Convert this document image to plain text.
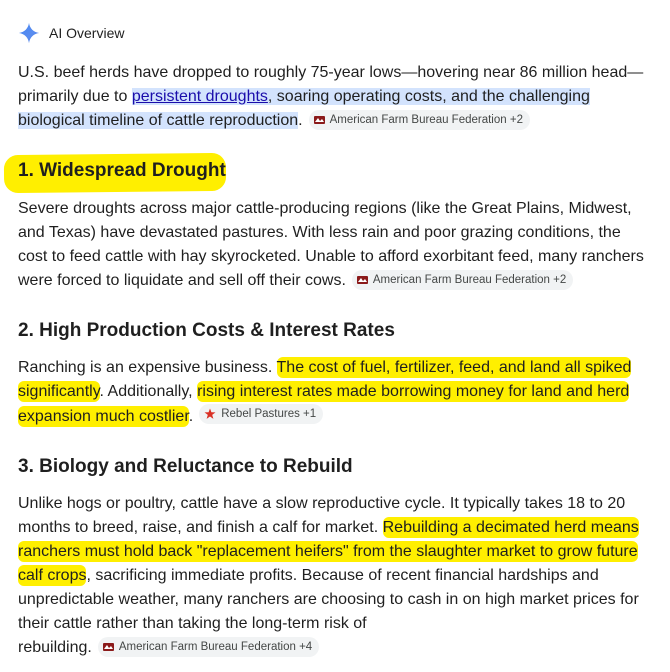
AI Overview
U.S. beef herds have dropped to roughly 75-year lows—hovering near 86 million head—primarily due to persistent droughts, soaring operating costs, and the challenging biological timeline of cattle reproduction. American Farm Bureau Federation +2
1. Widespread Drought
Severe droughts across major cattle-producing regions (like the Great Plains, Midwest, and Texas) have devastated pastures. With less rain and poor grazing conditions, the cost to feed cattle with hay skyrocketed. Unable to afford exorbitant feed, many ranchers were forced to liquidate and sell off their cows. American Farm Bureau Federation +2
2. High Production Costs & Interest Rates
Ranching is an expensive business. The cost of fuel, fertilizer, feed, and land all spiked significantly. Additionally, rising interest rates made borrowing money for land and herd expansion much costlier. Rebel Pastures +1
3. Biology and Reluctance to Rebuild
Unlike hogs or poultry, cattle have a slow reproductive cycle. It typically takes 18 to 20 months to breed, raise, and finish a calf for market. Rebuilding a decimated herd means ranchers must hold back "replacement heifers" from the slaughter market to grow future calf crops, sacrificing immediate profits. Because of recent financial hardships and unpredictable weather, many ranchers are choosing to cash in on high market prices for their cattle rather than taking the long-term risk of
rebuilding. American Farm Bureau Federation +4
